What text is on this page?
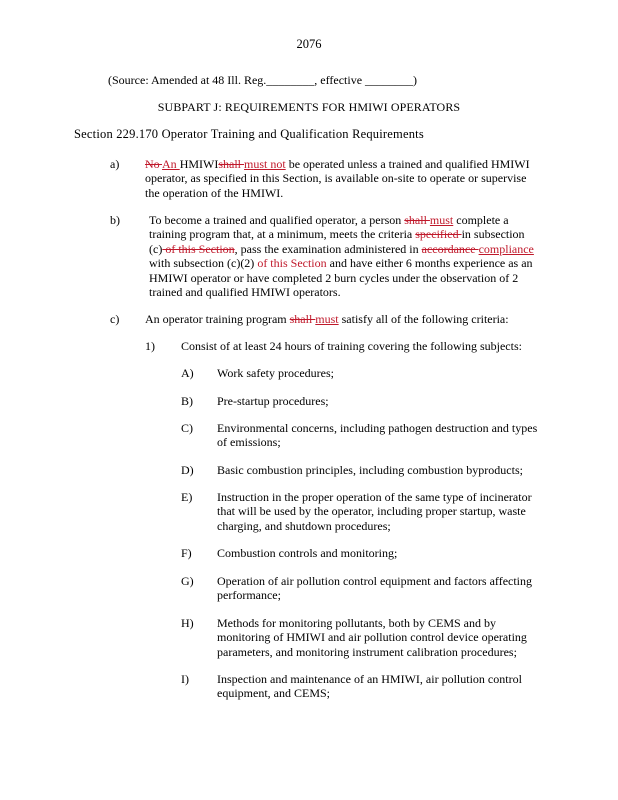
2076
(Source: Amended at 48 Ill. Reg.________, effective ________)
SUBPART J: REQUIREMENTS FOR HMIWI OPERATORS
Section 229.170 Operator Training and Qualification Requirements
a) No An HMIWIshall must not be operated unless a trained and qualified HMIWI operator, as specified in this Section, is available on-site to operate or supervise the operation of the HMIWI.
b) To become a trained and qualified operator, a person shall must complete a training program that, at a minimum, meets the criteria specified in subsection (c) of this Section, pass the examination administered in accordance compliance with subsection (c)(2) of this Section and have either 6 months experience as an HMIWI operator or have completed 2 burn cycles under the observation of 2 trained and qualified HMIWI operators.
c) An operator training program shall must satisfy all of the following criteria:
1) Consist of at least 24 hours of training covering the following subjects:
A) Work safety procedures;
B) Pre-startup procedures;
C) Environmental concerns, including pathogen destruction and types of emissions;
D) Basic combustion principles, including combustion byproducts;
E) Instruction in the proper operation of the same type of incinerator that will be used by the operator, including proper startup, waste charging, and shutdown procedures;
F) Combustion controls and monitoring;
G) Operation of air pollution control equipment and factors affecting performance;
H) Methods for monitoring pollutants, both by CEMS and by monitoring of HMIWI and air pollution control device operating parameters, and monitoring instrument calibration procedures;
I) Inspection and maintenance of an HMIWI, air pollution control equipment, and CEMS;
